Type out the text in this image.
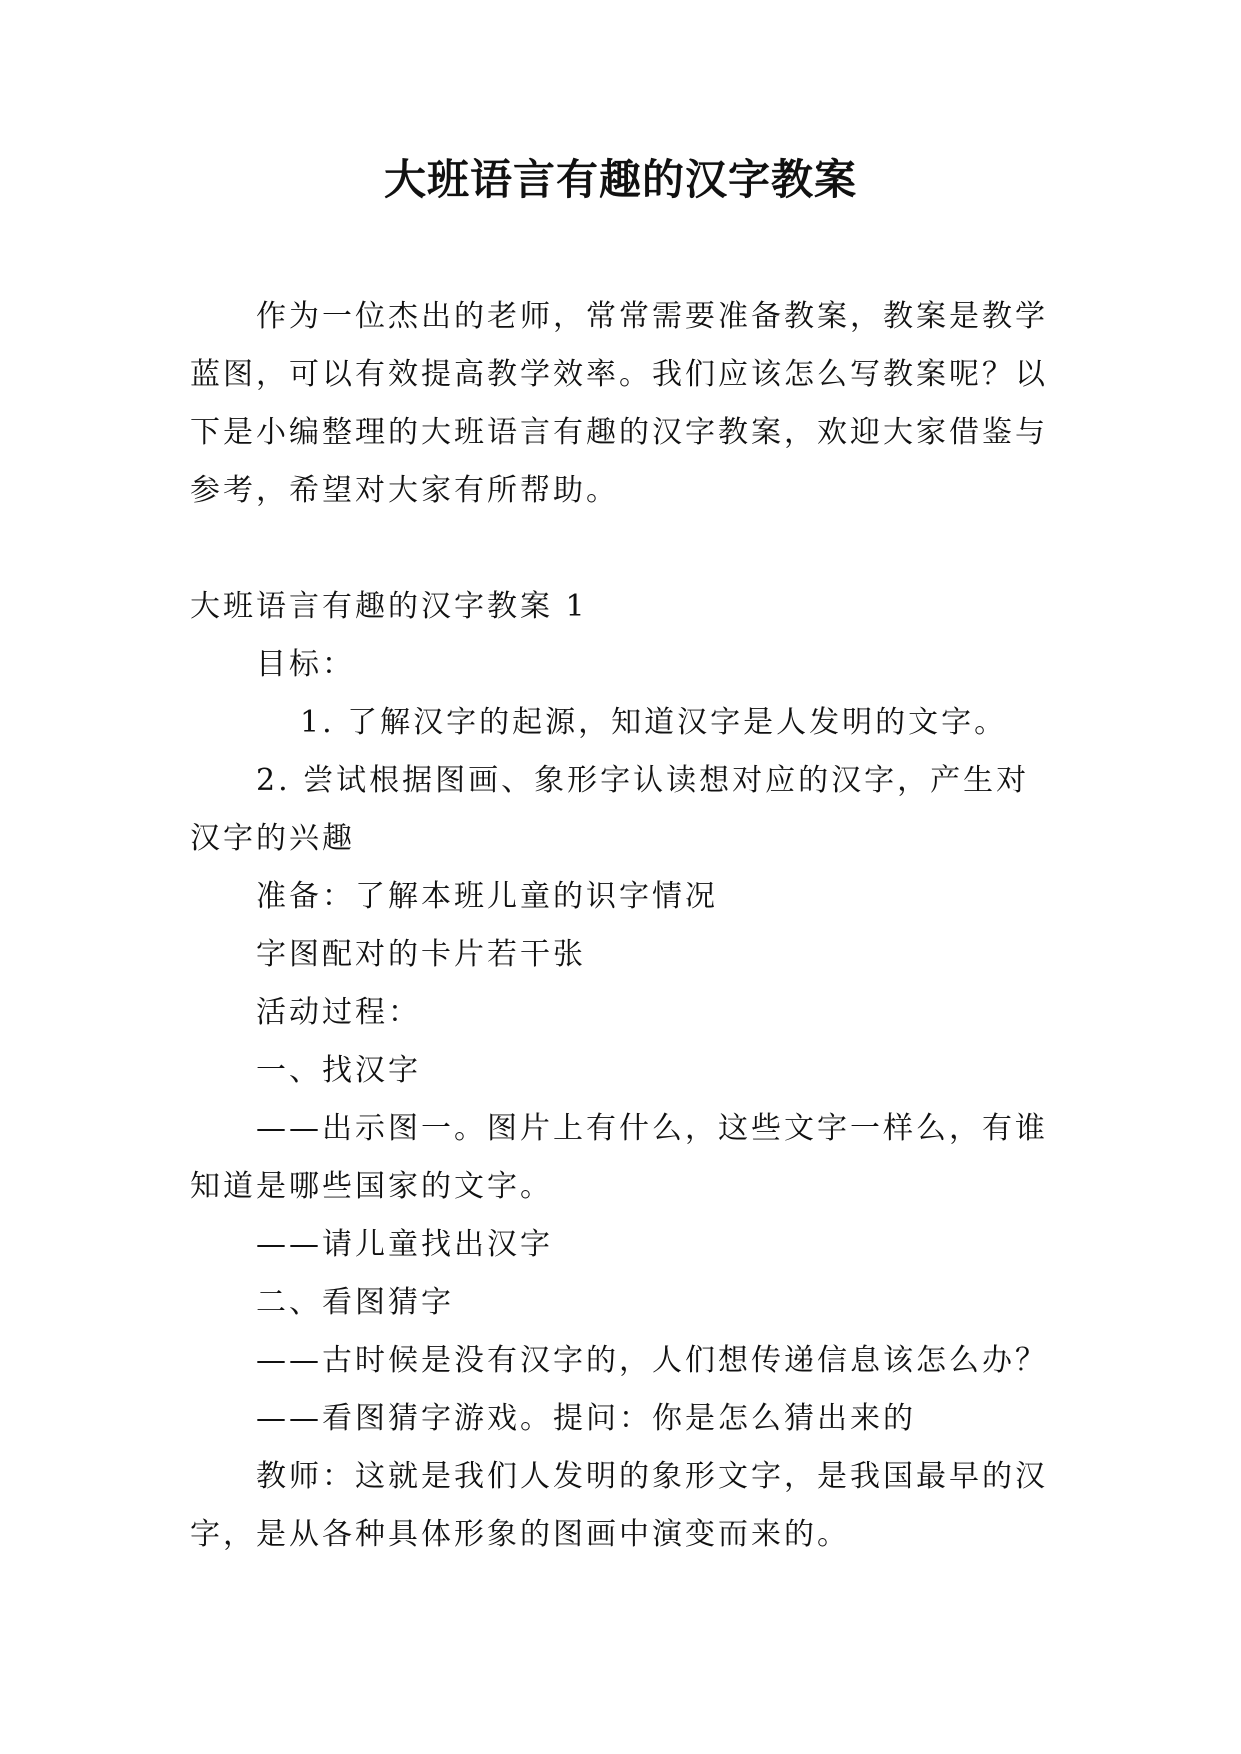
大班语言有趣的汉字教案

作为一位杰出的老师，常常需要准备教案，教案是教学蓝图，可以有效提高教学效率。我们应该怎么写教案呢？以下是小编整理的大班语言有趣的汉字教案，欢迎大家借鉴与参考，希望对大家有所帮助。

大班语言有趣的汉字教案 1

目标：

1. 了解汉字的起源，知道汉字是人发明的文字。

2. 尝试根据图画、象形字认读想对应的汉字，产生对汉字的兴趣

准备：了解本班儿童的识字情况

字图配对的卡片若干张

活动过程：

一、找汉字

——出示图一。图片上有什么，这些文字一样么，有谁知道是哪些国家的文字。

——请儿童找出汉字

二、看图猜字

——古时候是没有汉字的，人们想传递信息该怎么办？

——看图猜字游戏。提问：你是怎么猜出来的

教师：这就是我们人发明的象形文字，是我国最早的汉字，是从各种具体形象的图画中演变而来的。
